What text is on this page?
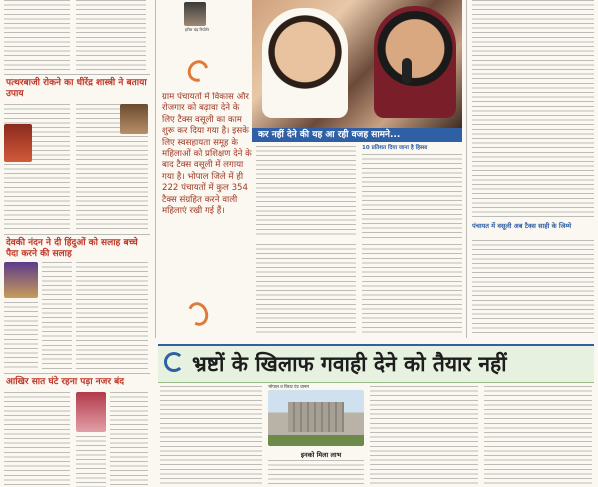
पत्थरबाजी रोकने का धीरेंद्र शास्त्री ने बताया उपाय
देवकी नंदन ने दी हिंदुओं को सलाह बच्चे पैदा करने की सलाह
आखिर सात घंटे रहना पड़ा नजर बंद
हरीश चंद्र रिपोर्टर
ग्राम पंचायतों में विकास और रोजगार को बढ़ावा देने के लिए टैक्स वसूली का काम शुरू कर दिया गया है। इसके लिए स्वसहायता समूह के महिलाओं को प्रशिक्षण देने के बाद टैक्स वसूली में लगाया गया है। भोपाल जिले में ही 222 पंचायतों में कुल 354 टैक्स संग्रहित करने वाली महिलाएं रखी गई हैं।
कर नहीं देने की यह आ रही वजह सामने...
10 प्रतिशत दिया जाना है हिस्सा
पंचायत में वसूली अब टैक्स साही के जिम्मे
भ्रष्टों के खिलाफ गवाही देने को तैयार नहीं
भोपाल व विराट एंट वानम
इनको मिला लाभ
